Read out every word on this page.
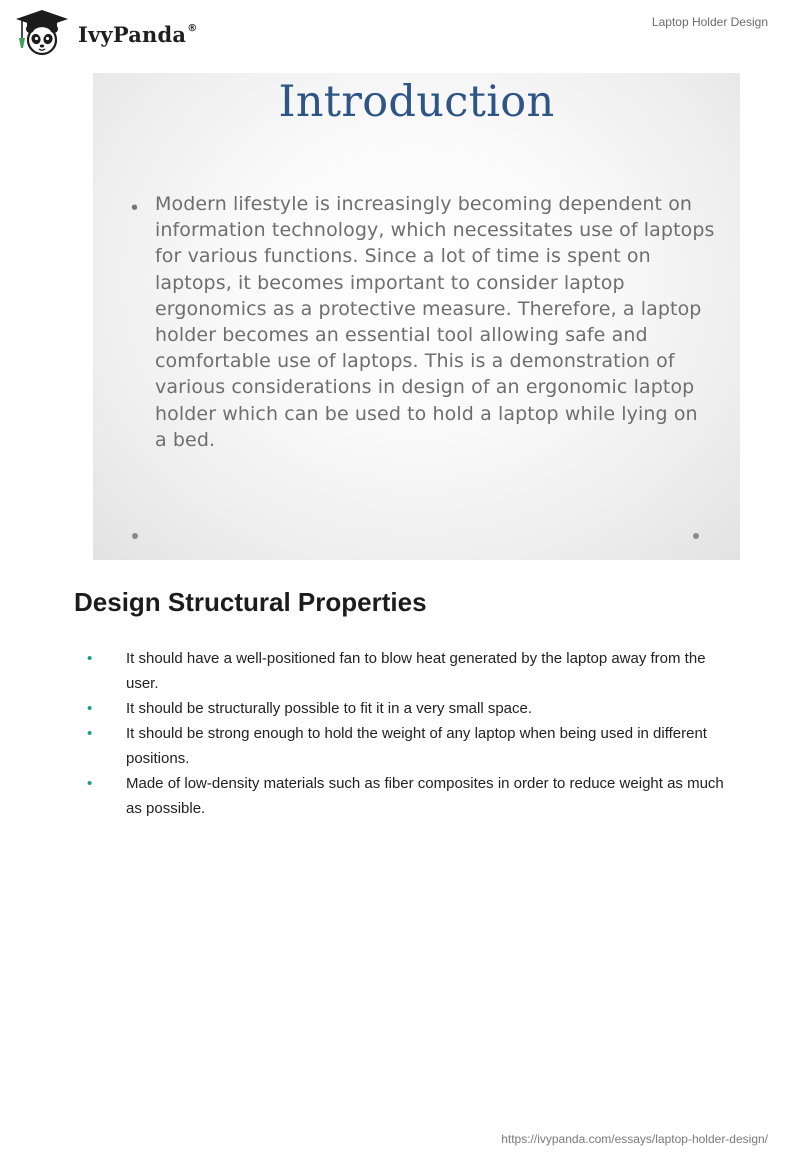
IvyPanda®	Laptop Holder Design
Introduction
• Modern lifestyle is increasingly becoming dependent on information technology, which necessitates use of laptops for various functions. Since a lot of time is spent on laptops, it becomes important to consider laptop ergonomics as a protective measure. Therefore, a laptop holder becomes an essential tool allowing safe and comfortable use of laptops. This is a demonstration of various considerations in design of an ergonomic laptop holder which can be used to hold a laptop while lying on a bed.
Design Structural Properties
• It should have a well-positioned fan to blow heat generated by the laptop away from the user.
• It should be structurally possible to fit it in a very small space.
• It should be strong enough to hold the weight of any laptop when being used in different positions.
• Made of low-density materials such as fiber composites in order to reduce weight as much as possible.
https://ivypanda.com/essays/laptop-holder-design/
